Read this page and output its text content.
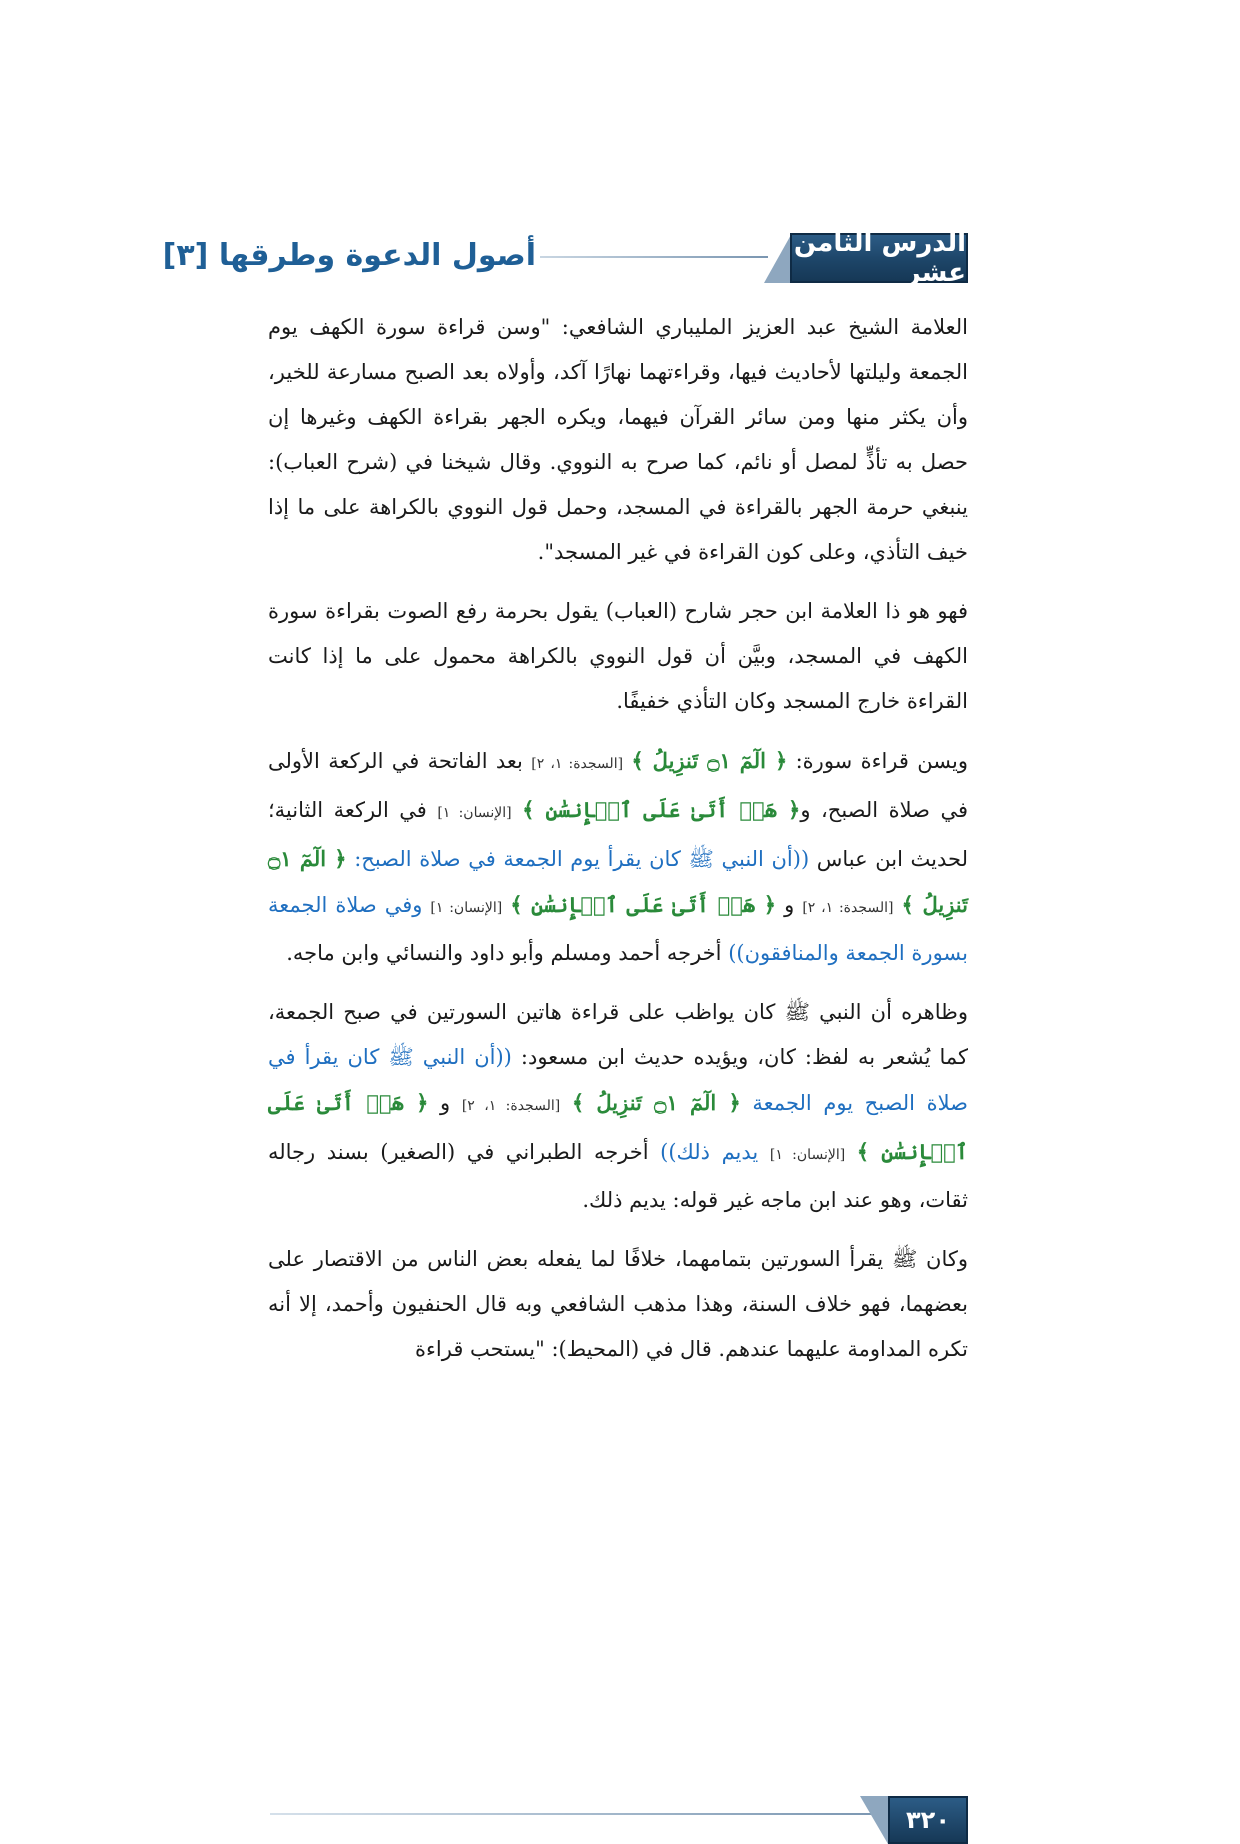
أصول الدعوة وطرقها [٣]	الدرس الثامن عشر

العلامة الشيخ عبد العزيز المليباري الشافعي: "وسن قراءة سورة الكهف يوم الجمعة وليلتها لأحاديث فيها، وقراءتهما نهارًا آكد، وأولاه بعد الصبح مسارعة للخير، وأن يكثر منها ومن سائر القرآن فيهما، ويكره الجهر بقراءة الكهف وغيرها إن حصل به تأذٍّ لمصل أو نائم، كما صرح به النووي. وقال شيخنا في (شرح العباب): ينبغي حرمة الجهر بالقراءة في المسجد، وحمل قول النووي بالكراهة على ما إذا خيف التأذي، وعلى كون القراءة في غير المسجد".

فهو هو ذا العلامة ابن حجر شارح (العباب) يقول بحرمة رفع الصوت بقراءة سورة الكهف في المسجد، وبيَّن أن قول النووي بالكراهة محمول على ما إذا كانت القراءة خارج المسجد وكان التأذي خفيفًا.

ويسن قراءة سورة: ﴿ الٓمٓ ۝١ تَنزِيلُ ﴾ [السجدة: ١، ٢] بعد الفاتحة في الركعة الأولى في صلاة الصبح، و﴿ هَلۡ أَتَىٰ عَلَى ٱلۡإِنسَٰنِ ﴾ [الإنسان: ١] في الركعة الثانية؛ لحديث ابن عباس ((أن النبي ﷺ كان يقرأ يوم الجمعة في صلاة الصبح: ﴿ الٓمٓ ۝١ تَنزِيلُ ﴾ [السجدة: ١، ٢] و ﴿ هَلۡ أَتَىٰ عَلَى ٱلۡإِنسَٰنِ ﴾ [الإنسان: ١] وفي صلاة الجمعة بسورة الجمعة والمنافقون)) أخرجه أحمد ومسلم وأبو داود والنسائي وابن ماجه.

وظاهره أن النبي ﷺ كان يواظب على قراءة هاتين السورتين في صبح الجمعة، كما يُشعر به لفظ: كان، ويؤيده حديث ابن مسعود: ((أن النبي ﷺ كان يقرأ في صلاة الصبح يوم الجمعة ﴿ الٓمٓ ۝١ تَنزِيلُ ﴾ [السجدة: ١، ٢] و ﴿ هَلۡ أَتَىٰ عَلَى ٱلۡإِنسَٰنِ ﴾ [الإنسان: ١] يديم ذلك)) أخرجه الطبراني في (الصغير) بسند رجاله ثقات، وهو عند ابن ماجه غير قوله: يديم ذلك.

وكان ﷺ يقرأ السورتين بتمامهما، خلافًا لما يفعله بعض الناس من الاقتصار على بعضهما، فهو خلاف السنة، وهذا مذهب الشافعي وبه قال الحنفيون وأحمد، إلا أنه تكره المداومة عليهما عندهم. قال في (المحيط): "يستحب قراءة

٣٢٠
